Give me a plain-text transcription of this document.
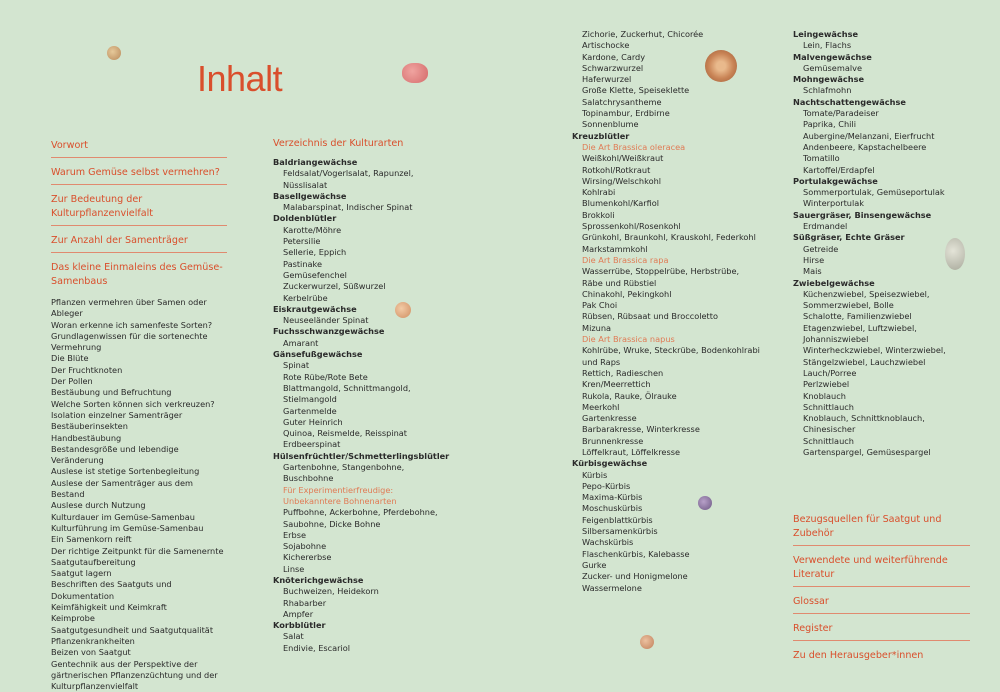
Inhalt
Vorwort
Warum Gemüse selbst vermehren?
Zur Bedeutung der Kulturpflanzenvielfalt
Zur Anzahl der Samenträger
Das kleine Einmaleins des Gemüse-Samenbaus
Pflanzen vermehren über Samen oder Ableger
Woran erkenne ich samenfeste Sorten?
Grundlagenwissen für die sortenechte Vermehrung
Die Blüte
Der Fruchtknoten
Der Pollen
Bestäubung und Befruchtung
Welche Sorten können sich verkreuzen?
Isolation einzelner Samenträger
Bestäuberinsekten
Handbestäubung
Bestandesgröße und lebendige Veränderung
Auslese ist stetige Sortenbegleitung
Auslese der Samenträger aus dem Bestand
Auslese durch Nutzung
Kulturdauer im Gemüse-Samenbau
Kulturführung im Gemüse-Samenbau
Ein Samenkorn reift
Der richtige Zeitpunkt für die Samenernte
Saatgutaufbereitung
Saatgut lagern
Beschriften des Saatguts und Dokumentation
Keimfähigkeit und Keimkraft
Keimprobe
Saatgutgesundheit und Saatgutqualität
Pflanzenkrankheiten
Beizen von Saatgut
Gentechnik aus der Perspektive der gärtnerischen Pflanzenzüchtung und der Kulturpflanzenvielfalt
Verzeichnis der Kulturarten
Baldriangewächse
Feldsalat/Vogerlsalat, Rapunzel, Nüsslisalat
Basellgewächse
Malabarspinat, Indischer Spinat
Doldenblütler
Karotte/Möhre
Petersilie
Sellerie, Eppich
Pastinake
Gemüsefenchel
Zuckerwurzel, Süßwurzel
Kerbelrübe
Eiskrautgewächse
Neuseeländer Spinat
Fuchsschwanzgewächse
Amarant
Gänsefußgewächse
Spinat
Rote Rübe/Rote Bete
Blattmangold, Schnittmangold,
Stielmangold
Gartenmelde
Guter Heinrich
Quinoa, Reismelde, Reisspinat
Erdbeerspinat
Hülsenfrüchtler/Schmetterlingsblütler
Gartenbohne, Stangenbohne, Buschbohne
Für Experimentierfreudige:
Unbekanntere Bohnenarten
Puffbohne, Ackerbohne, Pferdebohne,
Saubohne, Dicke Bohne
Erbse
Sojabohne
Kichererbse
Linse
Knöterichgewächse
Buchweizen, Heidekorn
Rhabarber
Ampfer
Korbblütler
Salat
Endivie, Escariol
Zichorie, Zuckerhut, Chicorée
Artischocke
Kardone, Cardy
Schwarzwurzel
Haferwurzel
Große Klette, Speiseklette
Salatchrysantheme
Topinambur, Erdbirne
Sonnenblume
Kreuzblütler
Die Art Brassica oleracea
Weißkohl/Weißkraut
Rotkohl/Rotkraut
Wirsing/Welschkohl
Kohlrabi
Blumenkohl/Karfiol
Brokkoli
Sprossenkohl/Rosenkohl
Grünkohl, Braunkohl, Krauskohl, Federkohl
Markstammkohl
Die Art Brassica rapa
Wasserrübe, Stoppelrübe, Herbstrübe,
Räbe und Rübstiel
Chinakohl, Pekingkohl
Pak Choi
Rübsen, Rübsaat und Broccoletto
Mizuna
Die Art Brassica napus
Kohlrübe, Wruke, Steckrübe, Bodenkohlrabi
und Raps
Rettich, Radieschen
Kren/Meerrettich
Rukola, Rauke, Ölrauke
Meerkohl
Gartenkresse
Barbarakresse, Winterkresse
Brunnenkresse
Löffelkraut, Löffelkresse
Kürbisgewächse
Kürbis
Pepo-Kürbis
Maxima-Kürbis
Moschuskürbis
Feigenblattkürbis
Silbersamenkürbis
Wachskürbis
Flaschenkürbis, Kalebasse
Gurke
Zucker- und Honigmelone
Wassermelone
Leingewächse
Lein, Flachs
Malvengewächse
Gemüsemalve
Mohngewächse
Schlafmohn
Nachtschattengewächse
Tomate/Paradeiser
Paprika, Chili
Aubergine/Melanzani, Eierfrucht
Andenbeere, Kapstachelbeere
Tomatillo
Kartoffel/Erdapfel
Portulakgewächse
Sommerportulak, Gemüseportulak
Winterportulak
Sauergräser, Binsengewächse
Erdmandel
Süßgräser, Echte Gräser
Getreide
Hirse
Mais
Zwiebelgewächse
Küchenzwiebel, Speisezwiebel,
Sommerzwiebel, Bolle
Schalotte, Familienzwiebel
Etagenzwiebel, Luftzwiebel,
Johanniszwiebel
Winterheckzwiebel, Winterzwiebel,
Stängelzwiebel, Lauchzwiebel
Lauch/Porree
Perlzwiebel
Knoblauch
Schnittlauch
Knoblauch, Schnittknoblauch, Chinesischer
Schnittlauch
Gartenspargel, Gemüsespargel
Bezugsquellen für Saatgut und Zubehör
Verwendete und weiterführende Literatur
Glossar
Register
Zu den Herausgeber*innen
